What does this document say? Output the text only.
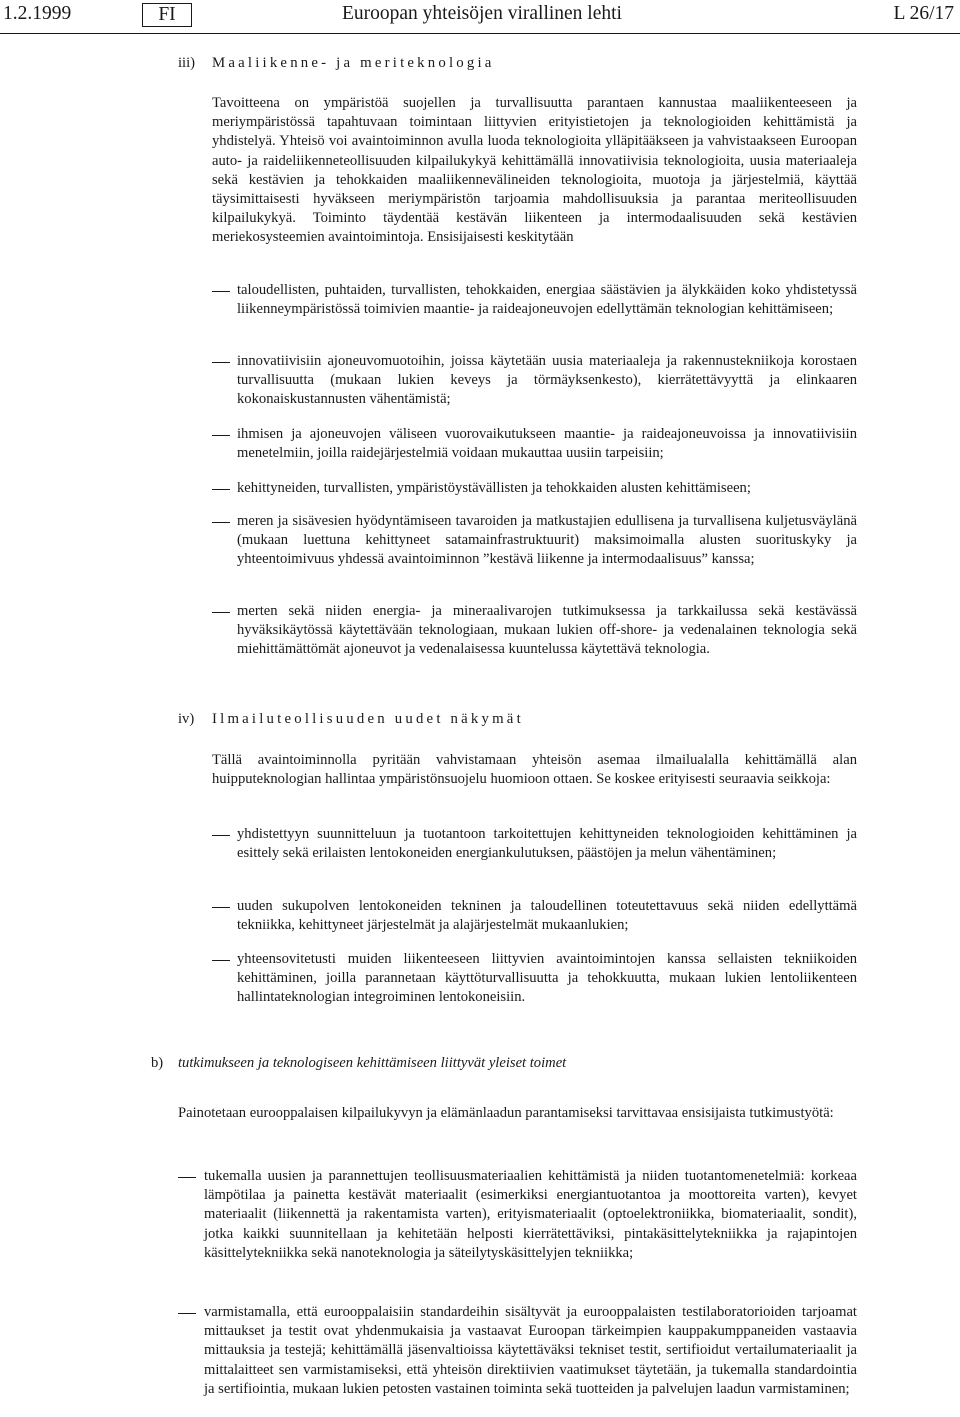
1.2.1999	FI	Euroopan yhteisöjen virallinen lehti	L 26/17
iii) Maaliikenne- ja meriteknologia

Tavoitteena on ympäristöä suojellen ja turvallisuutta parantaen kannustaa maaliikenteeseen ja meriympäristössä tapahtuvaan toimintaan liittyvien erityistietojen ja teknologioiden kehittämistä ja yhdistelyä. Yhteisö voi avaintoiminnon avulla luoda teknologioita ylläpitääkseen ja vahvistaakseen Euroopan auto- ja raideliikenneteollisuuden kilpailukykyä kehittämällä innovatiivisia teknologioita, uusia materiaaleja sekä kestävien ja tehokkaiden maaliikennevälineiden teknologioita, muotoja ja järjestelmiä, käyttää täysimittaisesti hyväkseen meriympäristön tarjoamia mahdollisuuksia ja parantaa meriteollisuuden kilpailukykyä. Toiminto täydentää kestävän liikenteen ja intermodaalisuuden sekä kestävien meriekosysteemien avaintoimintoja. Ensisijaisesti keskitytään

taloudellisten, puhtaiden, turvallisten, tehokkaiden, energiaa säästävien ja älykkäiden koko yhdistetyssä liikenneympäristössä toimivien maantie- ja raideajoneuvojen edellyttämän teknologian kehittämiseen;

innovatiivisiin ajoneuvomuotoihin, joissa käytetään uusia materiaaleja ja rakennustekniikoja korostaen turvallisuutta (mukaan lukien keveys ja törmäyksenkesto), kierrätettävyyttä ja elinkaaren kokonaiskustannusten vähentämistä;

ihmisen ja ajoneuvojen väliseen vuorovaikutukseen maantie- ja raideajoneuvoissa ja innovatiivisiin menetelmiin, joilla raidejärjestelmiä voidaan mukauttaa uusiin tarpeisiin;

kehittyneiden, turvallisten, ympäristöystävällisten ja tehokkaiden alusten kehittämiseen;

meren ja sisävesien hyödyntämiseen tavaroiden ja matkustajien edullisena ja turvallisena kuljetusväylänä (mukaan luettuna kehittyneet satamainfrastruktuurit) maksimoimalla alusten suorituskyky ja yhteentoimivuus yhdessä avaintoiminnon ”kestävä liikenne ja intermodaalisuus” kanssa;

merten sekä niiden energia- ja mineraalivarojen tutkimuksessa ja tarkkailussa sekä kestävässä hyväksikäytössä käytettävään teknologiaan, mukaan lukien off-shore- ja vedenalainen teknologia sekä miehittämättömät ajoneuvot ja vedenalaisessa kuuntelussa käytettävä teknologia.

iv) Ilmailuteollisuuden uudet näkymät

Tällä avaintoiminnolla pyritään vahvistamaan yhteisön asemaa ilmailualalla kehittämällä alan huipputeknologian hallintaa ympäristönsuojelu huomioon ottaen. Se koskee erityisesti seuraavia seikkoja:

yhdistettyyn suunnitteluun ja tuotantoon tarkoitettujen kehittyneiden teknologioiden kehittäminen ja esittely sekä erilaisten lentokoneiden energiankulutuksen, päästöjen ja melun vähentäminen;

uuden sukupolven lentokoneiden tekninen ja taloudellinen toteutettavuus sekä niiden edellyttämä tekniikka, kehittyneet järjestelmät ja alajärjestelmät mukaanlukien;

yhteensovitetusti muiden liikenteeseen liittyvien avaintoimintojen kanssa sellaisten tekniikoiden kehittäminen, joilla parannetaan käyttöturvallisuutta ja tehokkuutta, mukaan lukien lentoliikenteen hallintateknologian integroiminen lentokoneisiin.

b) tutkimukseen ja teknologiseen kehittämiseen liittyvät yleiset toimet

Painotetaan eurooppalaisen kilpailukyvyn ja elämänlaadun parantamiseksi tarvittavaa ensisijaista tutkimustyötä:

tukemalla uusien ja parannettujen teollisuusmateriaalien kehittämistä ja niiden tuotantomenetelmiä: korkeaa lämpötilaa ja painetta kestävät materiaalit (esimerkiksi energiantuotantoa ja moottoreita varten), kevyet materiaalit (liikennettä ja rakentamista varten), erityismateriaalit (optoelektroniikka, biomateriaalit, sondit), jotka kaikki suunnitellaan ja kehitetään helposti kierrätettäviksi, pintakäsittelytekniikka ja rajapintojen käsittelytekniikka sekä nanoteknologia ja säteilytyskäsittelyjen tekniikka;

varmistamalla, että eurooppalaisiin standardeihin sisältyvät ja eurooppalaisten testilaboratorioiden tarjoamat mittaukset ja testit ovat yhdenmukaisia ja vastaavat Euroopan tärkeimpien kauppakumppaneiden vastaavia mittauksia ja testejä; kehittämällä jäsenvaltioissa käytettäväksi tekniset testit, sertifioidut vertailumateriaalit ja mittalaitteet sen varmistamiseksi, että yhteisön direktiivien vaatimukset täytetään, ja tukemalla standardointia ja sertifiointia, mukaan lukien petosten vastainen toiminta sekä tuotteiden ja palvelujen laadun varmistaminen;
